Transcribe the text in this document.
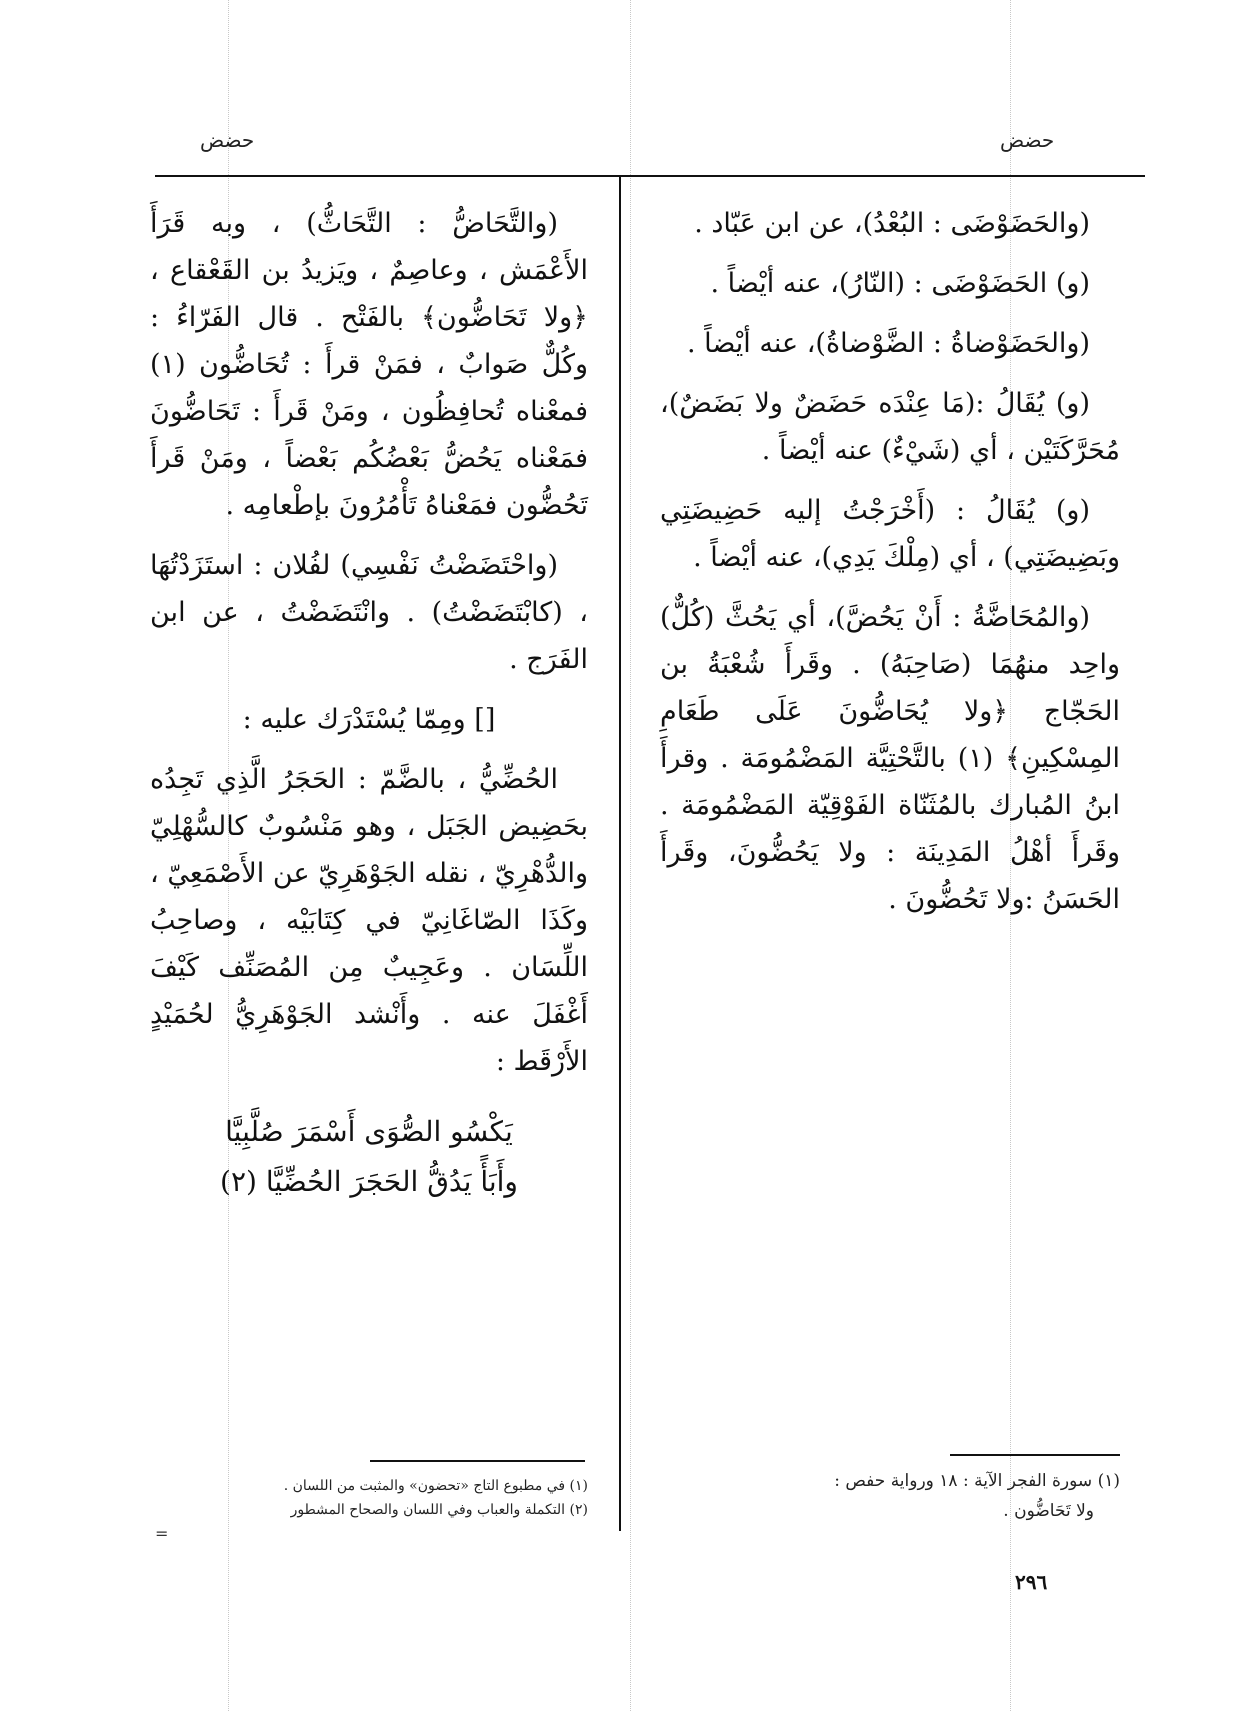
حضض	حضض

(والحَضَوْضَى : البُعْدُ)، عن ابن عَبّاد .

(و) الحَضَوْضَى : (النّارُ)، عنه أيْضاً .

(والحَضَوْضاةُ : الضَّوْضاةُ)، عنه أيْضاً .

(و) يُقَالُ :(مَا عِنْدَه حَضَضٌ ولا بَضَضٌ)، مُحَرَّكَتَيْن ، أي (شَيْءٌ) عنه أيْضاً .

(و) يُقَالُ : (أَخْرَجْتُ إليه حَضِيضَتِي وبَضِيضَتِي) ، أي (مِلْكَ يَدِي)، عنه أيْضاً .

(والمُحَاضَّةُ : أَنْ يَحُضَّ)، أي يَحُثَّ (كُلٌّ) واحِد منهُمَا (صَاحِبَهُ) . وقَرأَ شُعْبَةُ بن الحَجّاج ﴿ولا يُحَاضُّونَ عَلَى طَعَامِ المِسْكِينِ﴾ (١) بالتَّحْتِيَّة المَضْمُومَة . وقرأَ ابنُ المُبارك بالمُثَنّاة الفَوْقِيّة المَضْمُومَة . وقَرأَ أهْلُ المَدِينَة : ولا يَحُضُّونَ، وقَرأَ الحَسَنُ :ولا تَحُضُّونَ .

(والتَّحَاضُّ : التَّحَاثُّ) ، وبه قَرَأَ الأَعْمَش ، وعاصِمٌ ، ويَزيدُ بن القَعْقاع ، ﴿ولا تَحَاضُّون﴾ بالفَتْح . قال الفَرّاءُ : وكُلٌّ صَوابٌ ، فمَنْ قرأَ : تُحَاضُّون (١) فمعْناه تُحافِظُون ، ومَنْ قَرأَ : تَحَاضُّونَ فمَعْناه يَحُضُّ بَعْضُكُم بَعْضاً ، ومَنْ قَرأَ تَحُضُّون فمَعْناهُ تَأْمُرُونَ بإطْعامِه .

(واحْتَضَضْتُ نَفْسِي) لفُلان : استَزَدْتُهَا ، (كابْتَضَضْتُ) . وانْتَضَضْتُ ، عن ابن الفَرَج .

[] ومِمّا يُسْتَدْرَك عليه :

الحُضِّيُّ ، بالضَّمّ : الحَجَرُ الَّذِي تَجِدُه بحَضِيض الجَبَل ، وهو مَنْسُوبٌ كالسُّهْلِيّ والدُّهْرِيّ ، نقله الجَوْهَرِيّ عن الأَصْمَعِيّ ، وكَذَا الصّاغَانِيّ في كِتَابَيْه ، وصاحِبُ اللِّسَان . وعَجِيبٌ مِن المُصَنِّف كَيْفَ أَغْفَلَ عنه . وأَنْشد الجَوْهَرِيُّ لحُمَيْدٍ الأَرْقَط :

يَكْسُو الصُّوَى أَسْمَرَ صُلَّبِيَّا

وأَبَأً يَدُقُّ الحَجَرَ الحُضِّيَّا (٢)

(١) سورة الفجر الآية : ١٨ ورواية حفص :
ولا تَحَاضُّون .
(١) في مطبوع التاج «تحضون» والمثبت من اللسان .
(٢) التكملة والعباب وفي اللسان والصحاح المشطور
=
٢٩٦
